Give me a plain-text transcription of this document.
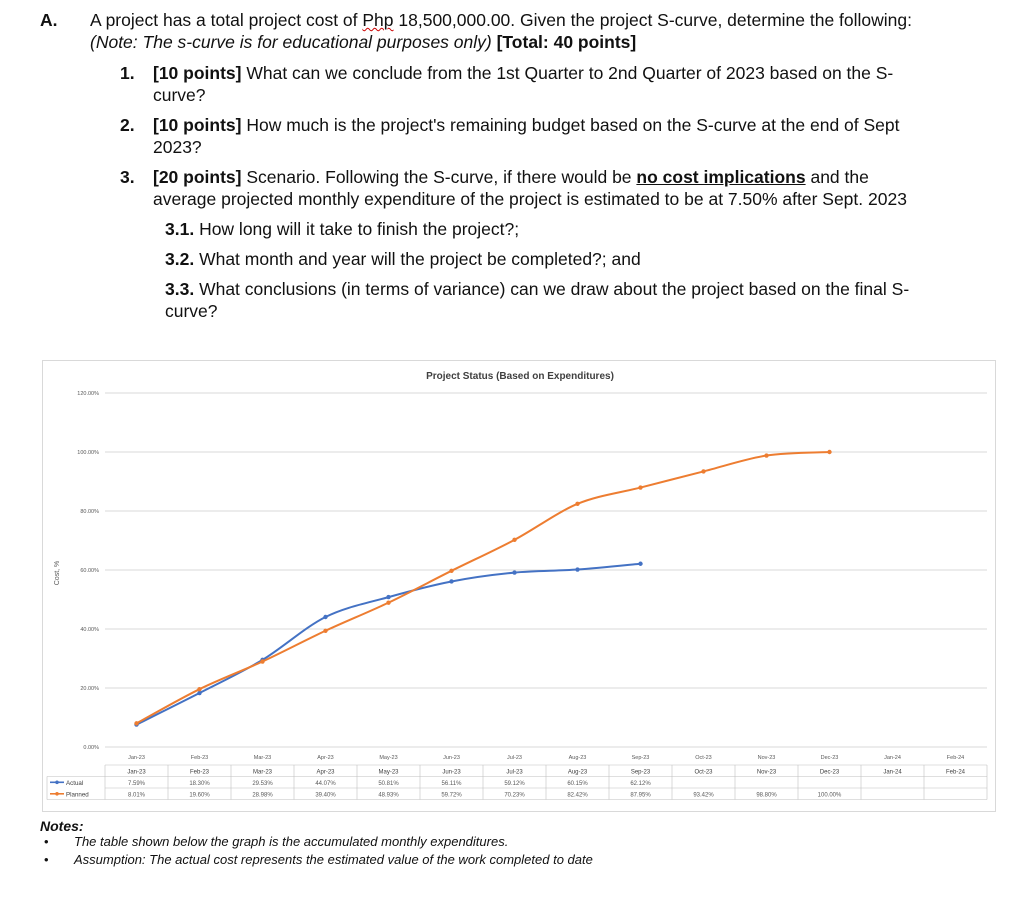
A. A project has a total project cost of Php 18,500,000.00. Given the project S-curve, determine the following:
(Note: The s-curve is for educational purposes only) [Total: 40 points]
1. [10 points] What can we conclude from the 1st Quarter to 2nd Quarter of 2023 based on the S-
curve?
2. [10 points] How much is the project's remaining budget based on the S-curve at the end of Sept
2023?
3. [20 points] Scenario. Following the S-curve, if there would be no cost implications and the
average projected monthly expenditure of the project is estimated to be at 7.50% after Sept. 2023
3.1. How long will it take to finish the project?;
3.2. What month and year will the project be completed?; and
3.3. What conclusions (in terms of variance) can we draw about the project based on the final S-
curve?
Project Status (Based on Expenditures)
Cost, %
0.00%
20.00%
40.00%
60.00%
80.00%
100.00%
120.00%
Jan-23	Feb-23	Mar-23	Apr-23	May-23	Jun-23	Jul-23	Aug-23	Sep-23	Oct-23	Nov-23	Dec-23	Jan-24	Feb-24
Jan-23	Feb-23	Mar-23	Apr-23	May-23	Jun-23	Jul-23	Aug-23	Sep-23	Oct-23	Nov-23	Dec-23	Jan-24	Feb-24
Actual	7.59%	18.30%	29.53%	44.07%	50.81%	56.11%	59.12%	60.15%	62.12%
Planned	8.01%	19.60%	28.98%	39.40%	48.93%	59.72%	70.23%	82.42%	87.95%	93.42%	98.80%	100.00%
Notes:
• The table shown below the graph is the accumulated monthly expenditures.
• Assumption: The actual cost represents the estimated value of the work completed to date
